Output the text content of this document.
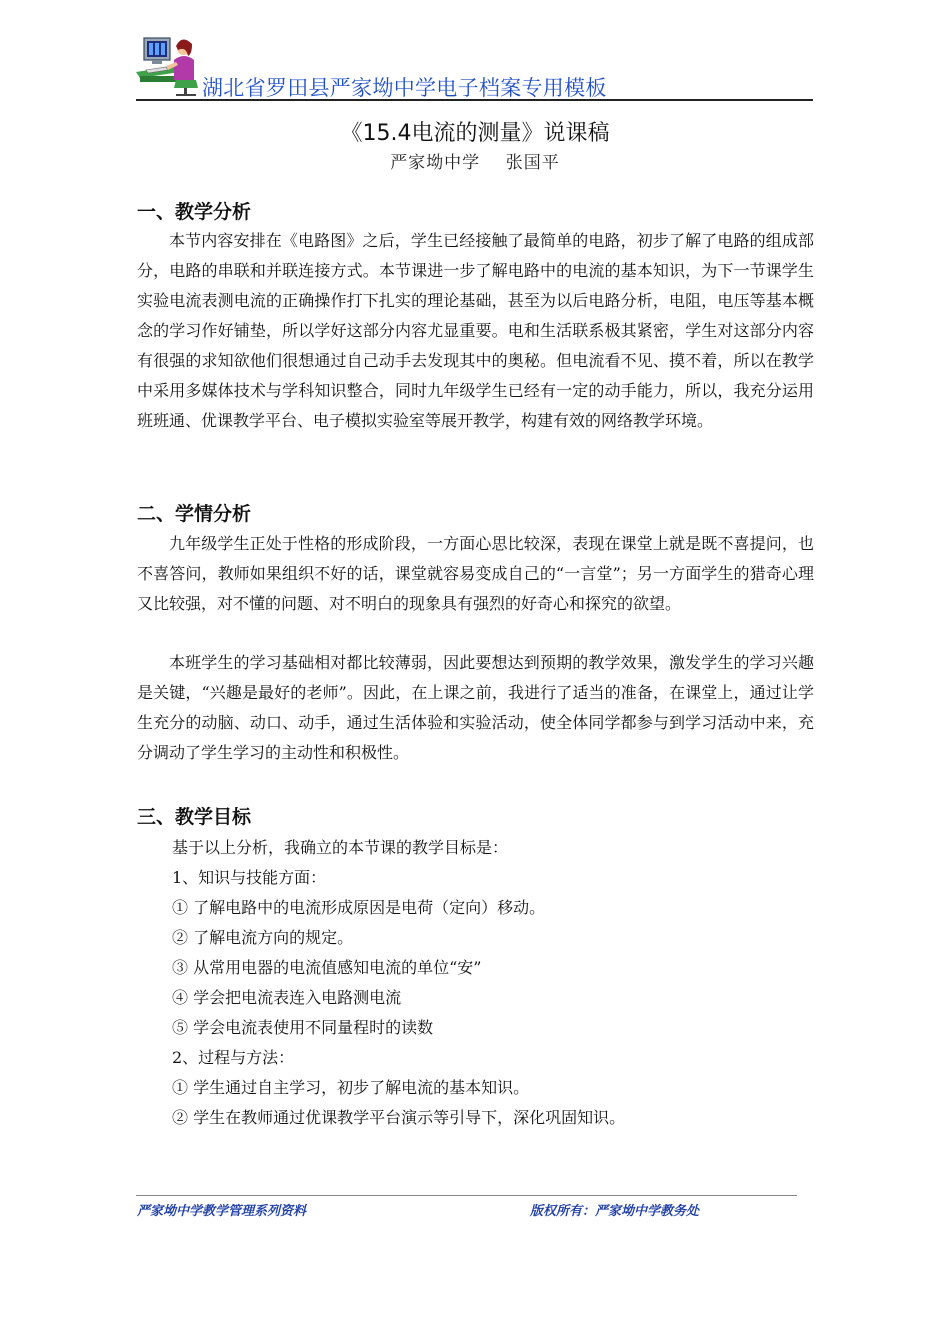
湖北省罗田县严家坳中学电子档案专用模板
《15.4电流的测量》说课稿
严家坳中学    张国平
一、教学分析

本节内容安排在《电路图》之后，学生已经接触了最简单的电路，初步了解了电路的组成部分，电路的串联和并联连接方式。本节课进一步了解电路中的电流的基本知识，为下一节课学生实验电流表测电流的正确操作打下扎实的理论基础，甚至为以后电路分析，电阻，电压等基本概念的学习作好铺垫，所以学好这部分内容尤显重要。电和生活联系极其紧密，学生对这部分内容有很强的求知欲他们很想通过自己动手去发现其中的奥秘。但电流看不见、摸不着，所以在教学中采用多媒体技术与学科知识整合，同时九年级学生已经有一定的动手能力，所以，我充分运用班班通、优课教学平台、电子模拟实验室等展开教学，构建有效的网络教学环境。

二、学情分析

九年级学生正处于性格的形成阶段，一方面心思比较深，表现在课堂上就是既不喜提问，也不喜答问，教师如果组织不好的话，课堂就容易变成自己的“一言堂”；另一方面学生的猎奇心理又比较强，对不懂的问题、对不明白的现象具有强烈的好奇心和探究的欲望。

本班学生的学习基础相对都比较薄弱，因此要想达到预期的教学效果，激发学生的学习兴趣是关键，“兴趣是最好的老师”。因此，在上课之前，我进行了适当的准备，在课堂上，通过让学生充分的动脑、动口、动手，通过生活体验和实验活动，使全体同学都参与到学习活动中来，充分调动了学生学习的主动性和积极性。

三、教学目标
基于以上分析，我确立的本节课的教学目标是：
1、知识与技能方面：
① 了解电路中的电流形成原因是电荷（定向）移动。
② 了解电流方向的规定。
③ 从常用电器的电流值感知电流的单位“安”
④ 学会把电流表连入电路测电流
⑤ 学会电流表使用不同量程时的读数
2、过程与方法：
① 学生通过自主学习，初步了解电流的基本知识。
② 学生在教师通过优课教学平台演示等引导下，深化巩固知识。
严家坳中学教学管理系列资料	版权所有：严家坳中学教务处
